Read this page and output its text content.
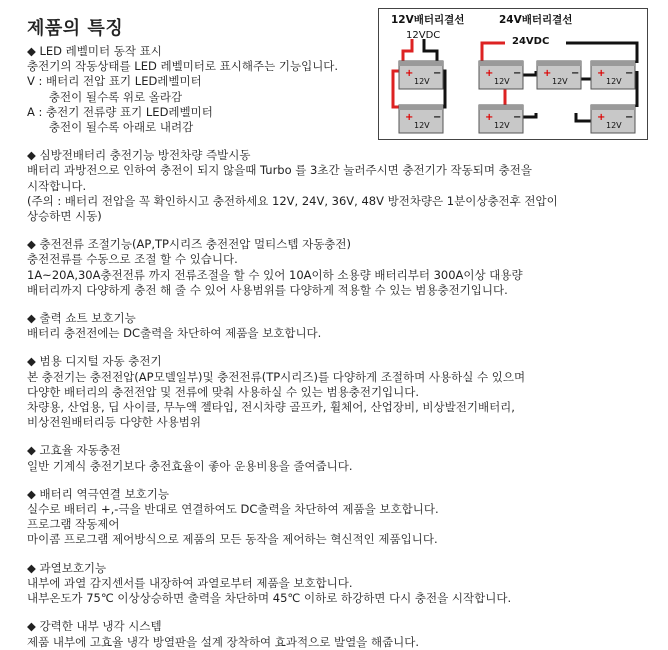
제품의 특징	12V배터리결선	24V배터리결선
12VDC
24VDC
+ −
12V
+ −
12V
+ −
12V
+ −
12V
+ −
12V
+ −
12V
+ −
12V
◆ LED 레벨미터 동작 표시
충전기의 작동상태를 LED 레벨미터로 표시해주는 기능입니다.
V : 배터리 전압 표기 LED레벨미터
충전이 될수록 위로 올라감
A : 충전기 전류량 표기 LED레벨미터
충전이 될수록 아래로 내려감
◆ 심방전배터리 충전기능 방전차량 즉발시동
배터리 과방전으로 인하여 충전이 되지 않을때 Turbo 를 3초간 눌러주시면 충전기가 작동되며 충전을
시작합니다.
(주의 : 배터리 전압을 꼭 확인하시고 충전하세요 12V, 24V, 36V, 48V 방전차량은 1분이상충전후 전압이
상승하면 시동)
◆ 충전전류 조절기능(AP,TP시리즈 충전전압 멀티스텝 자동충전)
충전전류를 수동으로 조절 할 수 있습니다.
1A~20A,30A충전전류 까지 전류조절을 할 수 있어 10A이하 소용량 배터리부터 300A이상 대용량
배터리까지 다양하게 충전 해 줄 수 있어 사용범위를 다양하게 적용할 수 있는 범용충전기입니다.
◆ 출력 쇼트 보호기능
배터리 충전전에는 DC출력을 차단하여 제품을 보호합니다.
◆ 범용 디지털 자동 충전기
본 충전기는 충전전압(AP모델일부)및 충전전류(TP시리즈)를 다양하게 조절하며 사용하실 수 있으며
다양한 배터리의 충전전압 및 전류에 맞춰 사용하실 수 있는 범용충전기입니다.
차량용, 산업용, 딥 사이클, 무누액 젤타입, 전시차량 골프카, 휠체어, 산업장비, 비상발전기배터리,
비상전원배터리등 다양한 사용범위
◆ 고효율 자동충전
일반 기계식 충전기보다 충전효율이 좋아 운용비용을 줄여줍니다.
◆ 배터리 역극연결 보호기능
실수로 배터리 +,-극을 반대로 연결하여도 DC출력을 차단하여 제품을 보호합니다.
프로그램 작동제어
마이콤 프로그램 제어방식으로 제품의 모든 동작을 제어하는 혁신적인 제품입니다.
◆ 과열보호기능
내부에 과열 감지센서를 내장하여 과열로부터 제품을 보호합니다.
내부온도가 75℃ 이상상승하면 출력을 차단하며 45℃ 이하로 하강하면 다시 충전을 시작합니다.
◆ 강력한 내부 냉각 시스템
제품 내부에 고효율 냉각 방열판을 설계 장착하여 효과적으로 발열을 해줍니다.
